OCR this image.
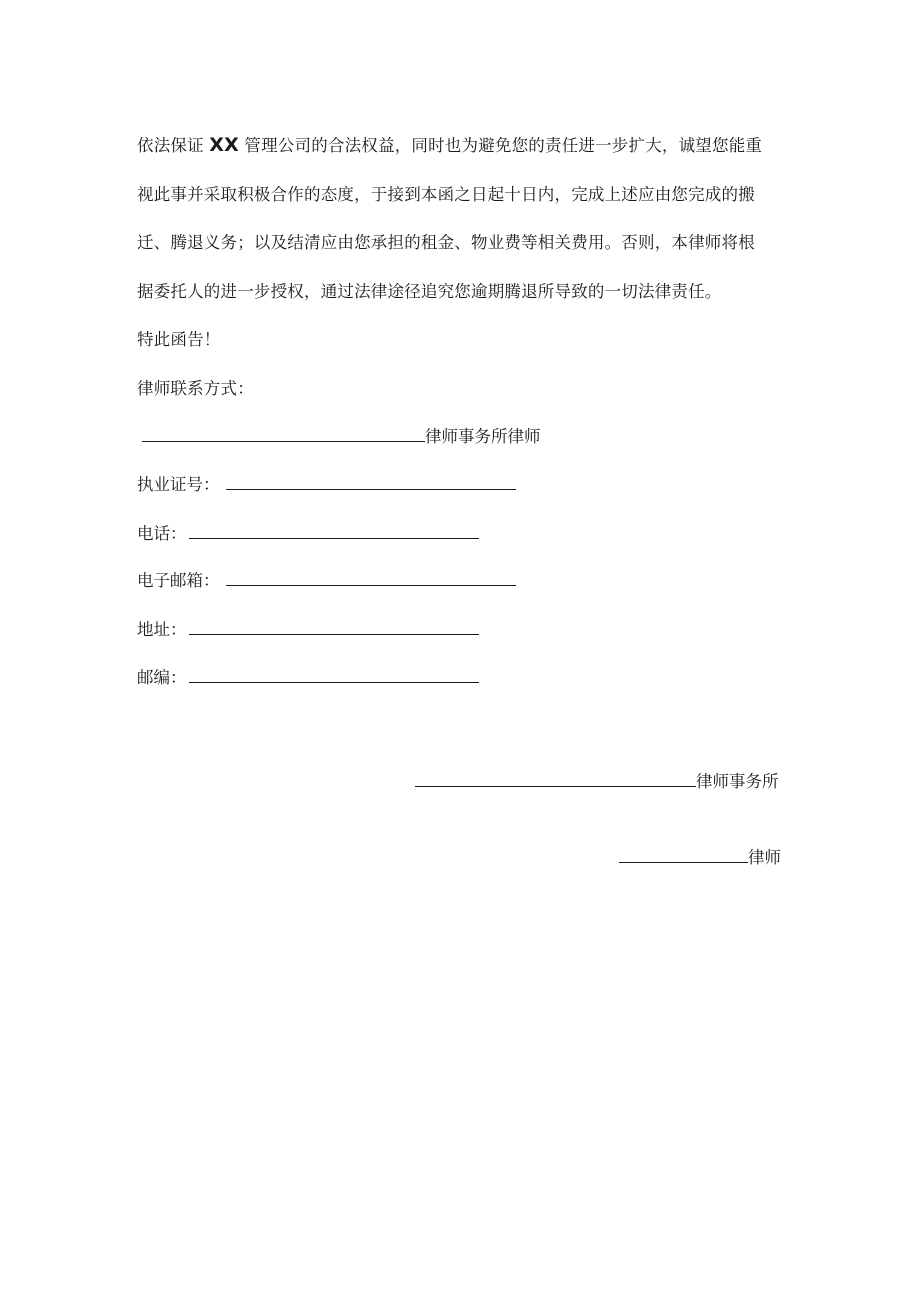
依法保证 XX 管理公司的合法权益，同时也为避免您的责任进一步扩大，诚望您能重
视此事并采取积极合作的态度，于接到本函之日起十日内，完成上述应由您完成的搬
迁、腾退义务；以及结清应由您承担的租金、物业费等相关费用。否则，本律师将根
据委托人的进一步授权，通过法律途径追究您逾期腾退所导致的一切法律责任。
特此函告！
律师联系方式：
律师事务所律师
执业证号：
电话：
电子邮箱：
地址：
邮编：
律师事务所
律师
